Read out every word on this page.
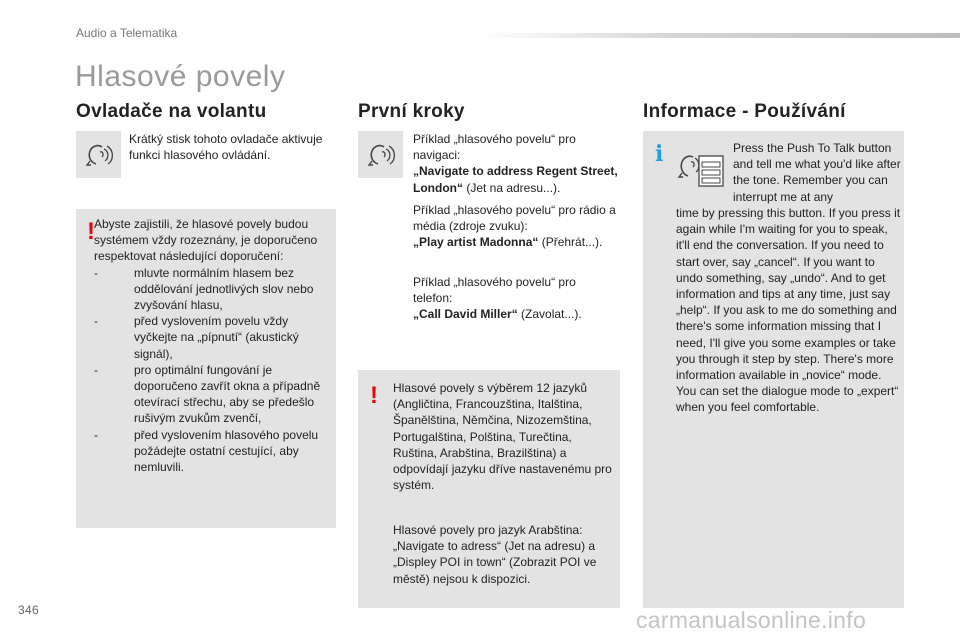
Audio a Telematika
Hlasové povely
Ovladače na volantu
Krátký stisk tohoto ovladače aktivuje funkci hlasového ovládání.
! Abyste zajistili, že hlasové povely budou systémem vždy rozeznány, je doporučeno respektovat následující doporučení:

-	mluvte normálním hlasem bez oddělování jednotlivých slov nebo zvyšování hlasu,
-	před vyslovením povelu vždy vyčkejte na „pípnutí“ (akustický signál),
-	pro optimální fungování je doporučeno zavřít okna a případně otevírací střechu, aby se předešlo rušivým zvukům zvenčí,
-	před vyslovením hlasového povelu požádejte ostatní cestující, aby nemluvili.
První kroky

Příklad „hlasového povelu“ pro navigaci:

„Navigate to address Regent Street, London“ (Jet na adresu...).

Příklad „hlasového povelu“ pro rádio a média (zdroje zvuku):

„Play artist Madonna“ (Přehrát...).

Příklad „hlasového povelu“ pro telefon:

„Call David Miller“ (Zavolat...).

! Hlasové povely s výběrem 12 jazyků (Angličtina, Francouzština, Italština, Španělština, Němčina, Nizozemština, Portugalština, Polština, Turečtina, Ruština, Arabština, Brazilština) a odpovídají jazyku dříve nastavenému pro systém.
Hlasové povely pro jazyk Arabština: „Navigate to adress“ (Jet na adresu) a „Displey POI in town“ (Zobrazit POI ve městě) nejsou k dispozici.
Informace - Používání
i	Press the Push To Talk button and tell me what you'd like after the tone. Remember you can interrupt me at any
time by pressing this button. If you press it again while I'm waiting for you to speak, it'll end the conversation. If you need to start over, say „cancel“. If you want to undo something, say „undo“. And to get information and tips at any time, just say „help“. If you ask to me do something and there's some information missing that I need, I'll give you some examples or take you through it step by step. There's more information available in „novice“ mode. You can set the dialogue mode to „expert“ when you feel comfortable.
346	carmanualsonline.info
